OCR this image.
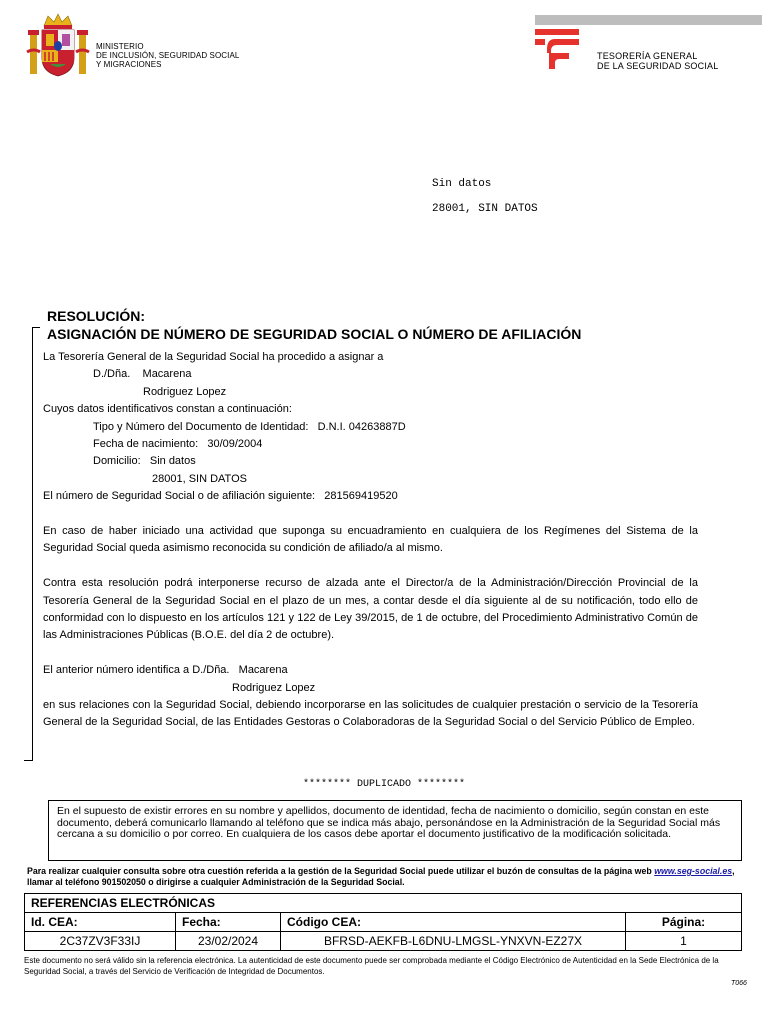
MINISTERIO
DE INCLUSIÓN, SEGURIDAD SOCIAL
Y MIGRACIONES
TESORERÍA GENERAL
DE LA SEGURIDAD SOCIAL
Sin datos
28001, SIN DATOS
RESOLUCIÓN:
ASIGNACIÓN DE NÚMERO DE SEGURIDAD SOCIAL O NÚMERO DE AFILIACIÓN

La Tesorería General de la Seguridad Social ha procedido a asignar a

D./Dña. Macarena

Rodriguez Lopez

Cuyos datos identificativos constan a continuación:

Tipo y Número del Documento de Identidad: D.N.I. 04263887D

Fecha de nacimiento: 30/09/2004

Domicilio: Sin datos

28001, SIN DATOS

El número de Seguridad Social o de afiliación siguiente: 281569419520

En caso de haber iniciado una actividad que suponga su encuadramiento en cualquiera de los Regímenes del Sistema de la Seguridad Social queda asimismo reconocida su condición de afiliado/a al mismo.

Contra esta resolución podrá interponerse recurso de alzada ante el Director/a de la Administración/Dirección Provincial de la Tesorería General de la Seguridad Social en el plazo de un mes, a contar desde el día siguiente al de su notificación, todo ello de conformidad con lo dispuesto en los artículos 121 y 122 de Ley 39/2015, de 1 de octubre, del Procedimiento Administrativo Común de las Administraciones Públicas (B.O.E. del día 2 de octubre).

El anterior número identifica a D./Dña. Macarena

Rodriguez Lopez

en sus relaciones con la Seguridad Social, debiendo incorporarse en las solicitudes de cualquier prestación o servicio de la Tesorería General de la Seguridad Social, de las Entidades Gestoras o Colaboradoras de la Seguridad Social o del Servicio Público de Empleo.

******** DUPLICADO ********
En el supuesto de existir errores en su nombre y apellidos, documento de identidad, fecha de nacimiento o domicilio, según constan en este documento, deberá comunicarlo llamando al teléfono que se indica más abajo, personándose en la Administración de la Seguridad Social más cercana a su domicilio o por correo. En cualquiera de los casos debe aportar el documento justificativo de la modificación solicitada.
Para realizar cualquier consulta sobre otra cuestión referida a la gestión de la Seguridad Social puede utilizar el buzón de consultas de la página web www.seg-social.es, llamar al teléfono 901502050 o dirigirse a cualquier Administración de la Seguridad Social.
REFERENCIAS ELECTRÓNICAS			
Id. CEA:	Fecha:	Código CEA:	Página:
2C37ZV3F33IJ	23/02/2024	BFRSD-AEKFB-L6DNU-LMGSL-YNXVN-EZ27X	1
Este documento no será válido sin la referencia electrónica. La autenticidad de este documento puede ser comprobada mediante el Código Electrónico de Autenticidad en la Sede Electrónica de la Seguridad Social, a través del Servicio de Verificación de Integridad de Documentos.
T066
